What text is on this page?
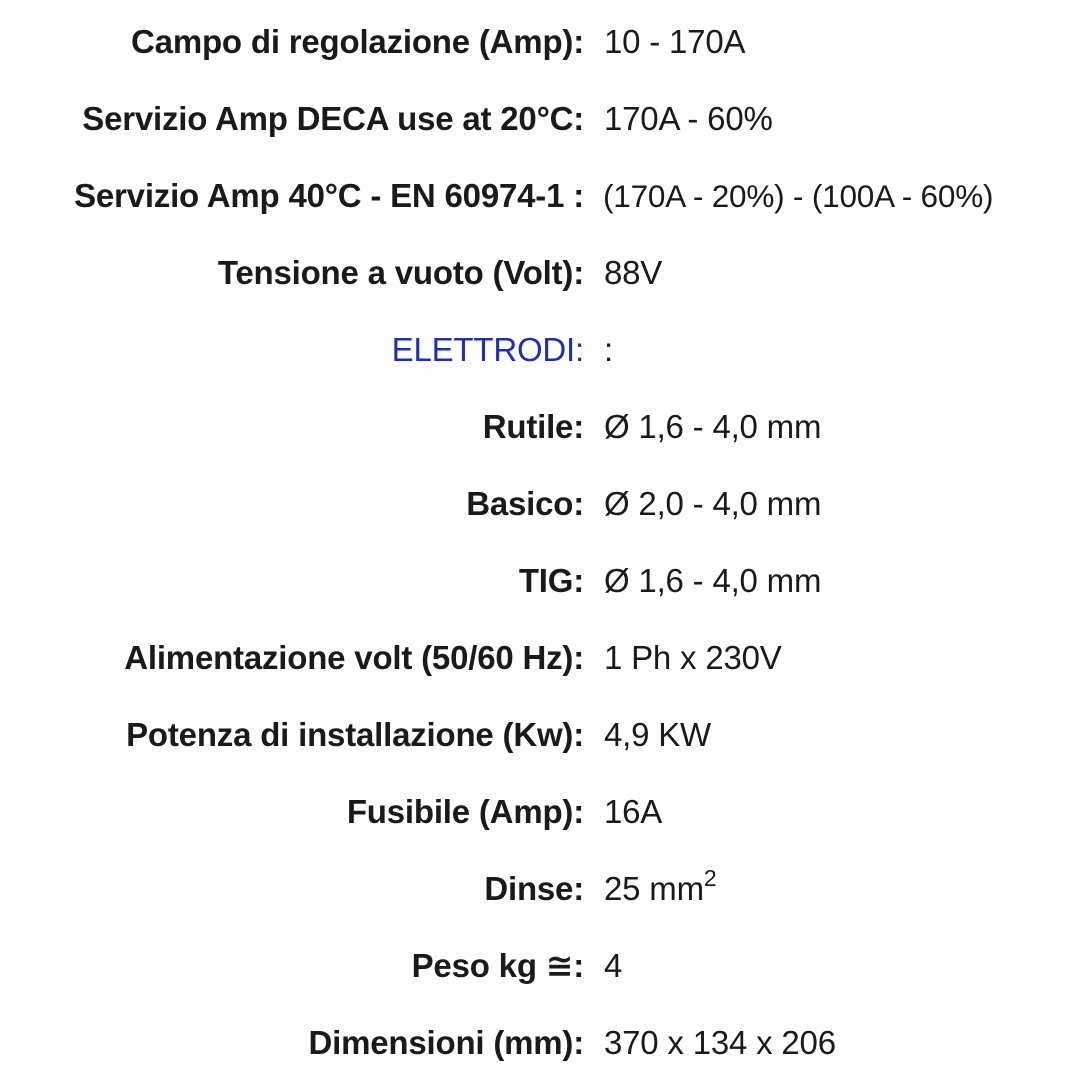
Campo di regolazione (Amp): 10 - 170A
Servizio Amp DECA use at 20°C: 170A - 60%
Servizio Amp 40°C - EN 60974-1 : (170A - 20%) - (100A - 60%)
Tensione a vuoto (Volt): 88V
ELETTRODI: :
Rutile: Ø 1,6 - 4,0 mm
Basico: Ø 2,0 - 4,0 mm
TIG: Ø 1,6 - 4,0 mm
Alimentazione volt (50/60 Hz): 1 Ph x 230V
Potenza di installazione (Kw): 4,9 KW
Fusibile (Amp): 16A
Dinse: 25 $mm^2$
Peso kg ≅: 4
Dimensioni (mm): 370 x 134 x 206
